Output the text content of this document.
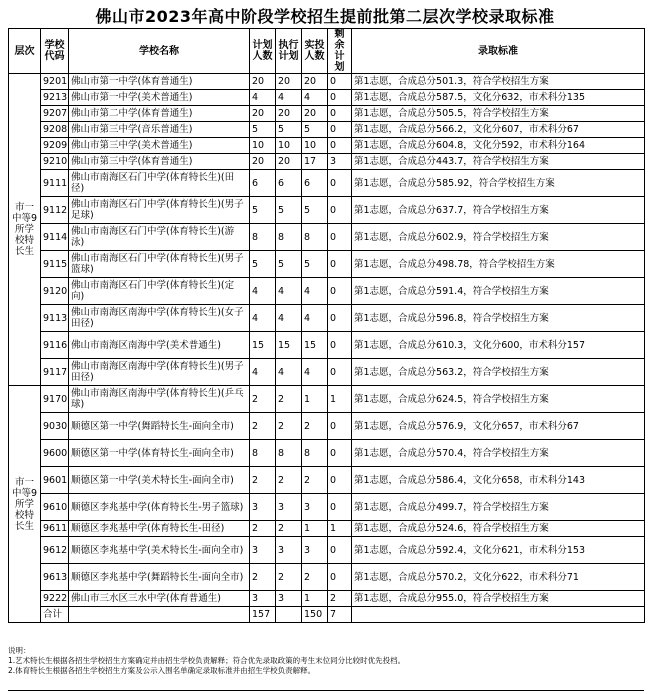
佛山市2023年高中阶段学校招生提前批第二层次学校录取标准
层次	学校代码	学校名称	计划人数	执行计划	实投人数	剩余计划	录取标准
市一中等9所学校特长生	9201	佛山市第一中学(体育普通生)	20	20	20	0	第1志愿，合成总分501.3，符合学校招生方案
	9213	佛山市第一中学(美术普通生)	4	4	4	0	第1志愿，合成总分587.5，文化分632，市术科分135
	9207	佛山市第二中学(体育普通生)	20	20	20	0	第1志愿，合成总分505.5，符合学校招生方案
	9208	佛山市第三中学(音乐普通生)	5	5	5	0	第1志愿，合成总分566.2，文化分607，市术科分67
	9209	佛山市第三中学(美术普通生)	10	10	10	0	第1志愿，合成总分604.8，文化分592，市术科分164
	9210	佛山市第三中学(体育普通生)	20	20	17	3	第1志愿，合成总分443.7，符合学校招生方案
	9111	佛山市南海区石门中学(体育特长生)(田径)	6	6	6	0	第1志愿，合成总分585.92，符合学校招生方案
	9112	佛山市南海区石门中学(体育特长生)(男子足球)	5	5	5	0	第1志愿，合成总分637.7，符合学校招生方案
	9114	佛山市南海区石门中学(体育特长生)(游泳)	8	8	8	0	第1志愿，合成总分602.9，符合学校招生方案
	9115	佛山市南海区石门中学(体育特长生)(男子篮球)	5	5	5	0	第1志愿，合成总分498.78，符合学校招生方案
	9120	佛山市南海区石门中学(体育特长生)(定向)	4	4	4	0	第1志愿，合成总分591.4，符合学校招生方案
	9113	佛山市南海区南海中学(体育特长生)(女子田径)	4	4	4	0	第1志愿，合成总分596.8，符合学校招生方案
	9116	佛山市南海区南海中学(美术普通生)	15	15	15	0	第1志愿，合成总分610.3，文化分600，市术科分157
	9117	佛山市南海区南海中学(体育特长生)(男子田径)	4	4	4	0	第1志愿，合成总分563.2，符合学校招生方案
市一中等9所学校特长生	9170	佛山市南海区南海中学(体育特长生)(乒乓球)	2	2	1	1	第1志愿，合成总分624.5，符合学校招生方案
	9030	顺德区第一中学(舞蹈特长生-面向全市)	2	2	2	0	第1志愿，合成总分576.9，文化分657，市术科分67
	9600	顺德区第一中学(体育特长生-面向全市)	8	8	8	0	第1志愿，合成总分570.4，符合学校招生方案
	9601	顺德区第一中学(美术特长生-面向全市)	2	2	2	0	第1志愿，合成总分586.4，文化分658，市术科分143
	9610	顺德区李兆基中学(体育特长生-男子篮球)	3	3	3	0	第1志愿，合成总分499.7，符合学校招生方案
	9611	顺德区李兆基中学(体育特长生-田径)	2	2	1	1	第1志愿，合成总分524.6，符合学校招生方案
	9612	顺德区李兆基中学(美术特长生-面向全市)	3	3	3	0	第1志愿，合成总分592.4，文化分621，市术科分153
	9613	顺德区李兆基中学(舞蹈特长生-面向全市)	2	2	2	0	第1志愿，合成总分570.2，文化分622，市术科分71
	9222	佛山市三水区三水中学(体育普通生)	3	3	1	2	第1志愿，合成总分955.0，符合学校招生方案
	合计		157		150	7	
说明：
1.艺术特长生根据各招生学校招生方案确定并由招生学校负责解释；符合优先录取政策的考生末位同分比较时优先投档。
2.体育特长生根据各招生学校招生方案及公示入围名单确定录取标准并由招生学校负责解释。
